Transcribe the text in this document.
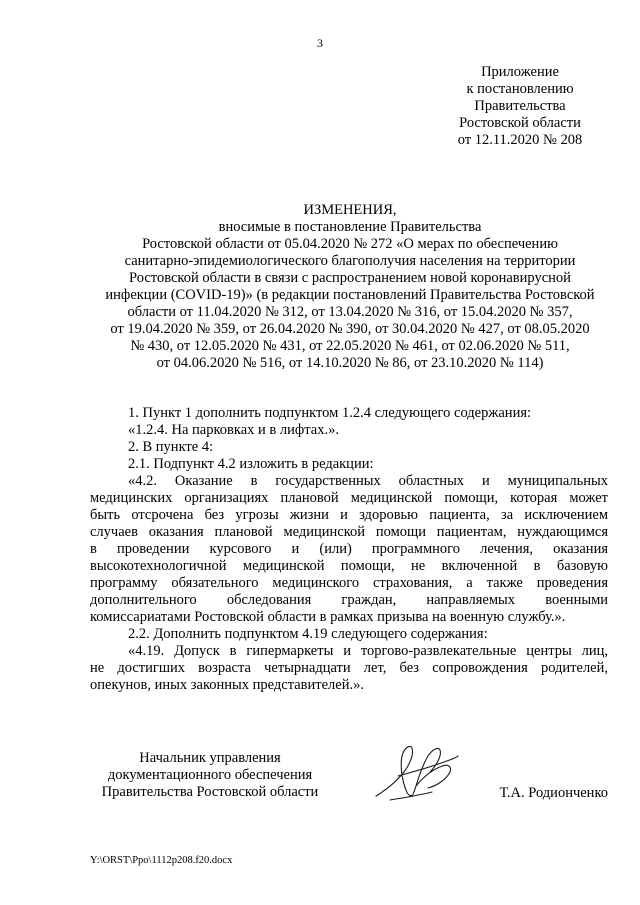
3
Приложение
к постановлению
Правительства
Ростовской области
от 12.11.2020 № 208
ИЗМЕНЕНИЯ,
вносимые в постановление Правительства
Ростовской области от 05.04.2020 № 272 «О мерах по обеспечению
санитарно-эпидемиологического благополучия населения на территории
Ростовской области в связи с распространением новой коронавирусной
инфекции (COVID-19)» (в редакции постановлений Правительства Ростовской
области от 11.04.2020 № 312, от 13.04.2020 № 316, от 15.04.2020 № 357,
от 19.04.2020 № 359, от 26.04.2020 № 390, от 30.04.2020 № 427, от 08.05.2020
№ 430, от 12.05.2020 № 431, от 22.05.2020 № 461, от 02.06.2020 № 511,
от 04.06.2020 № 516, от 14.10.2020 № 86, от 23.10.2020 № 114)
1. Пункт 1 дополнить подпунктом 1.2.4 следующего содержания:
«1.2.4. На парковках и в лифтах.».
2. В пункте 4:
2.1. Подпункт 4.2 изложить в редакции:
«4.2. Оказание в государственных областных и муниципальных
медицинских организациях плановой медицинской помощи, которая может
быть отсрочена без угрозы жизни и здоровью пациента, за исключением
случаев оказания плановой медицинской помощи пациентам, нуждающимся
в проведении курсового и (или) программного лечения, оказания
высокотехнологичной медицинской помощи, не включенной в базовую
программу обязательного медицинского страхования, а также проведения
дополнительного обследования граждан, направляемых военными
комиссариатами Ростовской области в рамках призыва на военную службу.».
2.2. Дополнить подпунктом 4.19 следующего содержания:
«4.19. Допуск в гипермаркеты и торгово-развлекательные центры лиц,
не достигших возраста четырнадцати лет, без сопровождения родителей,
опекунов, иных законных представителей.».
Начальник управления
документационного обеспечения
Правительства Ростовской области	Т.А. Родионченко
Y:\ORST\Ppo\1112p208.f20.docx
